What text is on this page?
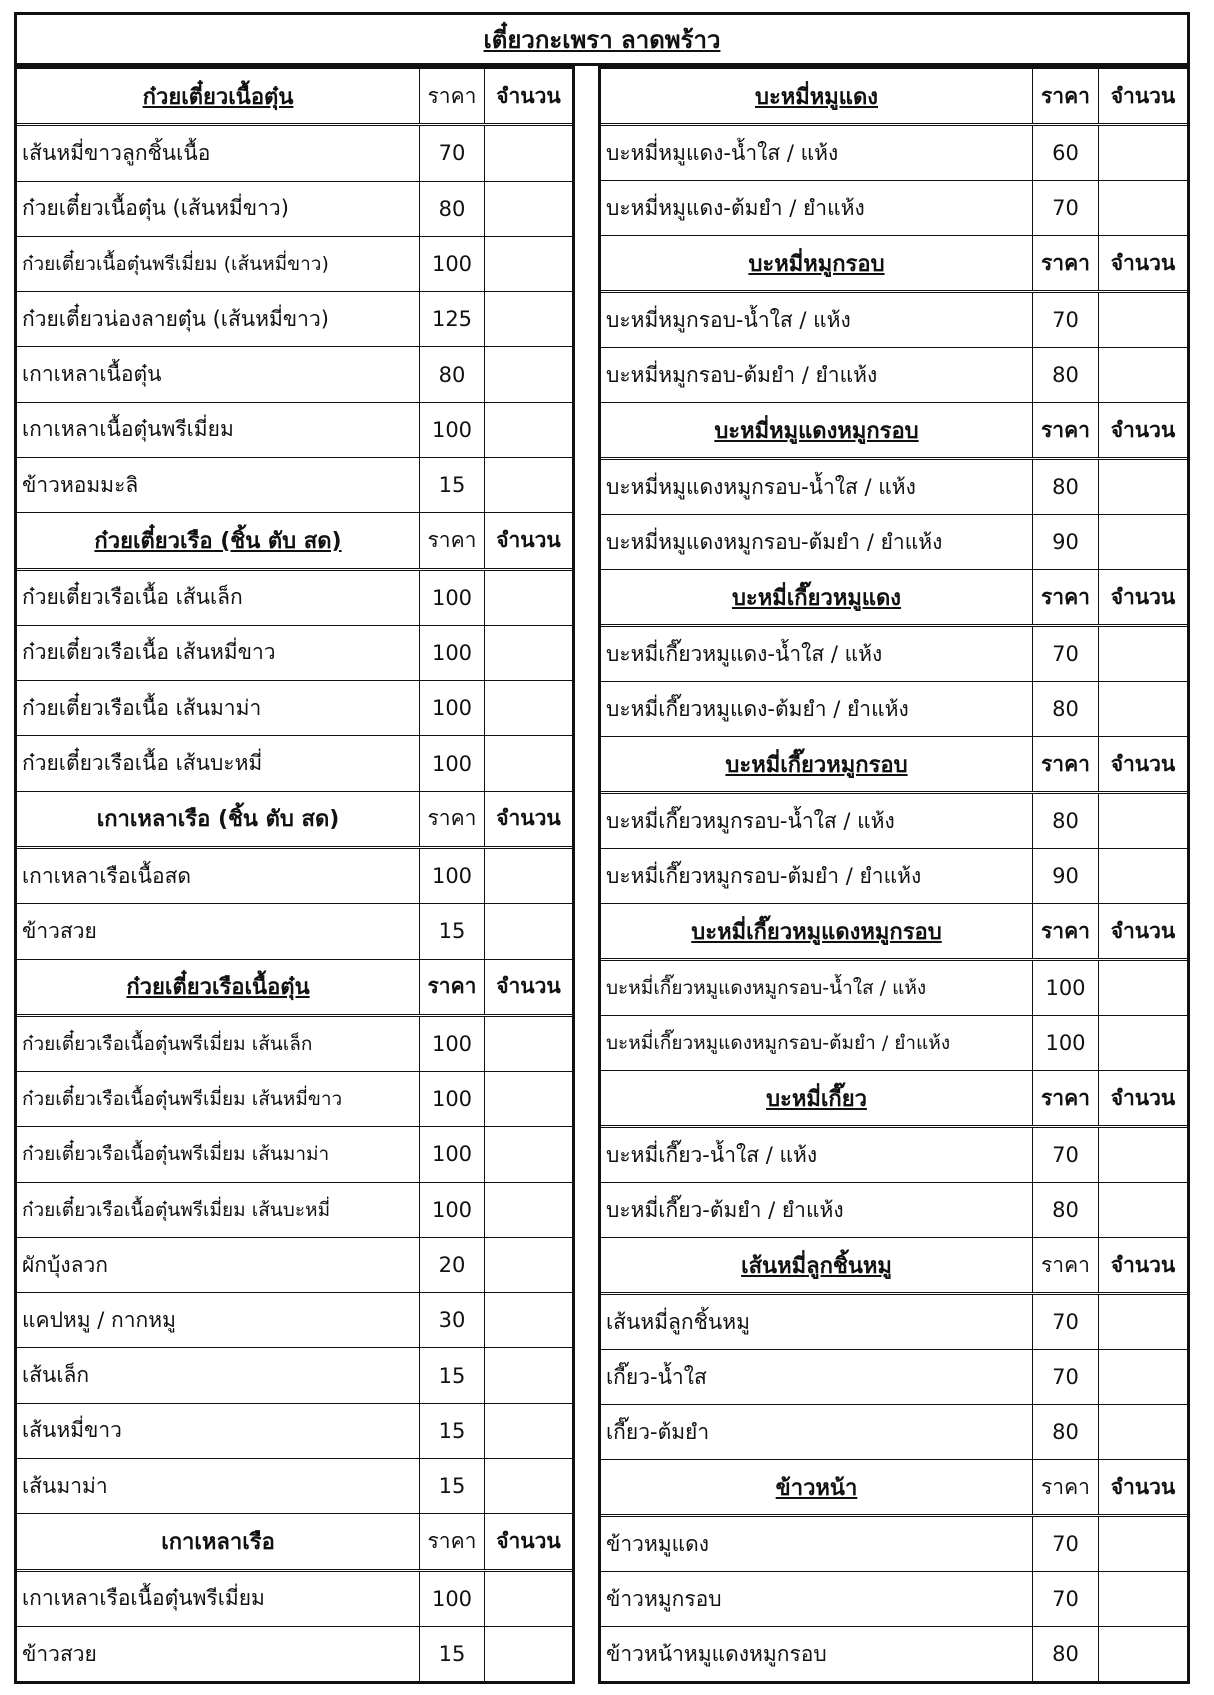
เตี๋ยวกะเพรา ลาดพร้าว
ก๋วยเตี๋ยวเนื้อตุ๋น	ราคา จำนวน
เส้นหมี่ขาวลูกชิ้นเนื้อ	70
ก๋วยเตี๋ยวเนื้อตุ๋น (เส้นหมี่ขาว)	80
ก๋วยเตี๋ยวเนื้อตุ๋นพรีเมี่ยม (เส้นหมี่ขาว)	100
ก๋วยเตี๋ยวน่องลายตุ๋น (เส้นหมี่ขาว)	125
เกาเหลาเนื้อตุ๋น	80
เกาเหลาเนื้อตุ๋นพรีเมี่ยม	100
ข้าวหอมมะลิ	15
ก๋วยเตี๋ยวเรือ (ชิ้น ตับ สด)	ราคา จำนวน
ก๋วยเตี๋ยวเรือเนื้อ เส้นเล็ก	100
ก๋วยเตี๋ยวเรือเนื้อ เส้นหมี่ขาว	100
ก๋วยเตี๋ยวเรือเนื้อ เส้นมาม่า	100
ก๋วยเตี๋ยวเรือเนื้อ เส้นบะหมี่	100
เกาเหลาเรือ (ชิ้น ตับ สด)	ราคา จำนวน
เกาเหลาเรือเนื้อสด	100
ข้าวสวย	15
ก๋วยเตี๋ยวเรือเนื้อตุ๋น	ราคา จำนวน
ก๋วยเตี๋ยวเรือเนื้อตุ๋นพรีเมี่ยม เส้นเล็ก	100
ก๋วยเตี๋ยวเรือเนื้อตุ๋นพรีเมี่ยม เส้นหมี่ขาว	100
ก๋วยเตี๋ยวเรือเนื้อตุ๋นพรีเมี่ยม เส้นมาม่า	100
ก๋วยเตี๋ยวเรือเนื้อตุ๋นพรีเมี่ยม เส้นบะหมี่	100
ผักบุ้งลวก	20
แคปหมู / กากหมู	30
เส้นเล็ก	15
เส้นหมี่ขาว	15
เส้นมาม่า	15
เกาเหลาเรือ	ราคา จำนวน
เกาเหลาเรือเนื้อตุ๋นพรีเมี่ยม	100
ข้าวสวย	15
บะหมี่หมูแดง	ราคา จำนวน
บะหมี่หมูแดง-น้ำใส / แห้ง	60
บะหมี่หมูแดง-ต้มยำ / ยำแห้ง	70
บะหมี่หมูกรอบ	ราคา จำนวน
บะหมี่หมูกรอบ-น้ำใส / แห้ง	70
บะหมี่หมูกรอบ-ต้มยำ / ยำแห้ง	80
บะหมี่หมูแดงหมูกรอบ	ราคา จำนวน
บะหมี่หมูแดงหมูกรอบ-น้ำใส / แห้ง	80
บะหมี่หมูแดงหมูกรอบ-ต้มยำ / ยำแห้ง	90
บะหมี่เกี๊ยวหมูแดง	ราคา จำนวน
บะหมี่เกี๊ยวหมูแดง-น้ำใส / แห้ง	70
บะหมี่เกี๊ยวหมูแดง-ต้มยำ / ยำแห้ง	80
บะหมี่เกี๊ยวหมูกรอบ	ราคา จำนวน
บะหมี่เกี๊ยวหมูกรอบ-น้ำใส / แห้ง	80
บะหมี่เกี๊ยวหมูกรอบ-ต้มยำ / ยำแห้ง	90
บะหมี่เกี๊ยวหมูแดงหมูกรอบ	ราคา จำนวน
บะหมี่เกี๊ยวหมูแดงหมูกรอบ-น้ำใส / แห้ง	100
บะหมี่เกี๊ยวหมูแดงหมูกรอบ-ต้มยำ / ยำแห้ง	100
บะหมี่เกี๊ยว	ราคา จำนวน
บะหมี่เกี๊ยว-น้ำใส / แห้ง	70
บะหมี่เกี๊ยว-ต้มยำ / ยำแห้ง	80
เส้นหมี่ลูกชิ้นหมู	ราคา จำนวน
เส้นหมี่ลูกชิ้นหมู	70
เกี๊ยว-น้ำใส	70
เกี๊ยว-ต้มยำ	80
ข้าวหน้า	ราคา จำนวน
ข้าวหมูแดง	70
ข้าวหมูกรอบ	70
ข้าวหน้าหมูแดงหมูกรอบ	80
